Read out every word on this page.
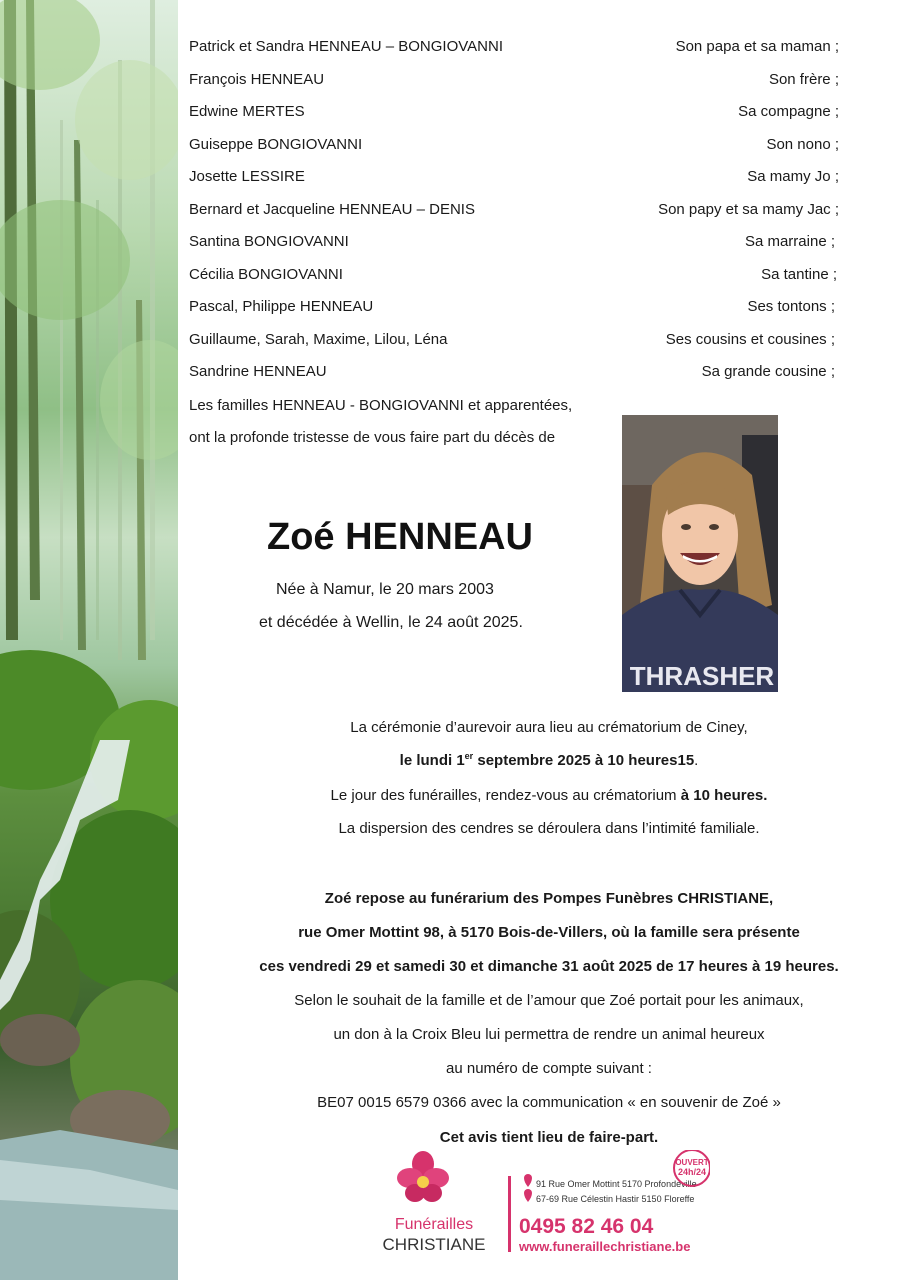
Patrick et Sandra HENNEAU – BONGIOVANNI	Son papa et sa maman ;
François HENNEAU	Son frère ;
Edwine MERTES	Sa compagne ;
Guiseppe BONGIOVANNI	Son nono ;
Josette LESSIRE	Sa mamy Jo ;
Bernard et Jacqueline HENNEAU – DENIS	Son papy et sa mamy Jac ;
Santina BONGIOVANNI	Sa marraine ;
Cécilia BONGIOVANNI	Sa tantine ;
Pascal, Philippe HENNEAU	Ses tontons ;
Guillaume, Sarah, Maxime, Lilou, Léna	Ses cousins et cousines ;
Sandrine HENNEAU	Sa grande cousine ;
Les familles HENNEAU - BONGIOVANNI et apparentées,
ont la profonde tristesse de vous faire part du décès de
THRASHER
Zoé HENNEAU
Née à Namur, le 20 mars 2003
et décédée à Wellin, le 24 août 2025.
La cérémonie d’aurevoir aura lieu au crématorium de Ciney,
le lundi 1er septembre 2025 à 10 heures15.
Le jour des funérailles, rendez-vous au crématorium à 10 heures.
La dispersion des cendres se déroulera dans l’intimité familiale.
Zoé repose au funérarium des Pompes Funèbres CHRISTIANE,
rue Omer Mottint 98, à 5170 Bois-de-Villers, où la famille sera présente
ces vendredi 29 et samedi 30 et dimanche 31 août 2025 de 17 heures à 19 heures.
Selon le souhait de la famille et de l’amour que Zoé portait pour les animaux,
un don à la Croix Bleu lui permettra de rendre un animal heureux
au numéro de compte suivant :
BE07 0015 6579 0366 avec la communication « en souvenir de Zoé »
Cet avis tient lieu de faire-part.
Funérailles
CHRISTIANE
91 Rue Omer Mottint 5170 Profondeville
67-69 Rue Célestin Hastir 5150 Floreffe
OUVERT
24h/24
0495 82 46 04
www.funeraillechristiane.be
